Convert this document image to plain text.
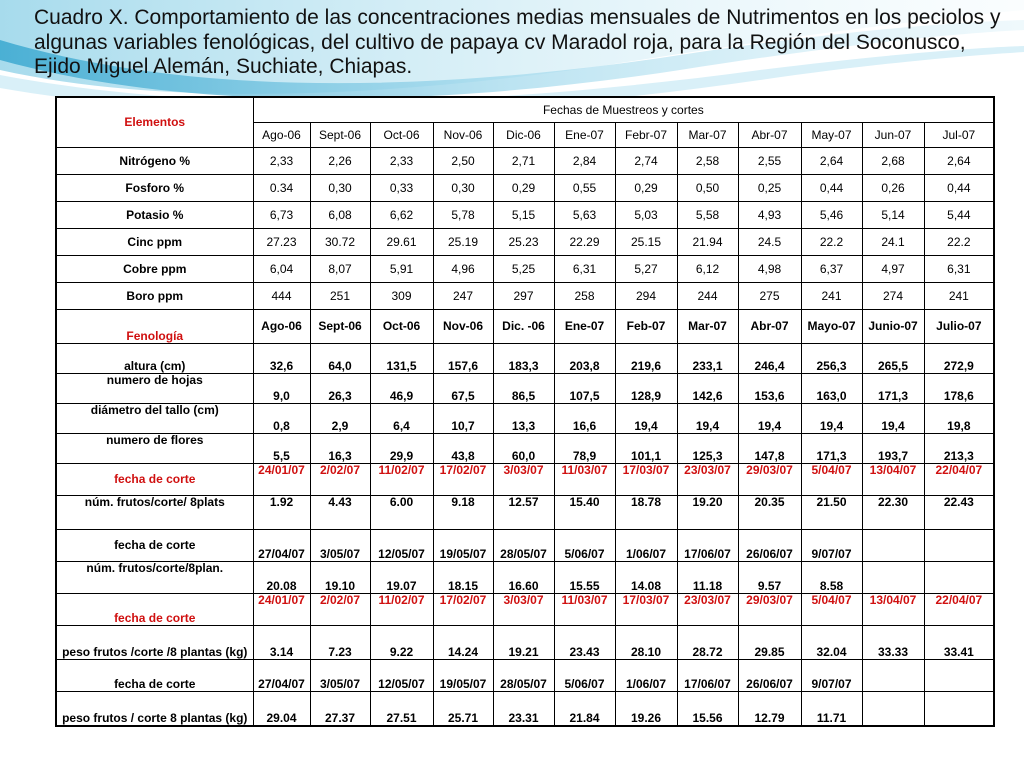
Cuadro X. Comportamiento de las concentraciones medias mensuales de Nutrimentos en los peciolos y algunas variables fenológicas, del cultivo de papaya cv Maradol roja, para la Región del Soconusco, Ejido Miguel Alemán, Suchiate, Chiapas.
Elementos	Fechas de Muestreos y cortes											
	Ago-06	Sept-06	Oct-06	Nov-06	Dic-06	Ene-07	Febr-07	Mar-07	Abr-07	May-07	Jun-07	Jul-07
Nitrógeno %	2,33	2,26	2,33	2,50	2,71	2,84	2,74	2,58	2,55	2,64	2,68	2,64
Fosforo %	0.34	0,30	0,33	0,30	0,29	0,55	0,29	0,50	0,25	0,44	0,26	0,44
Potasio %	6,73	6,08	6,62	5,78	5,15	5,63	5,03	5,58	4,93	5,46	5,14	5,44
Cinc ppm	27.23	30.72	29.61	25.19	25.23	22.29	25.15	21.94	24.5	22.2	24.1	22.2
Cobre ppm	6,04	8,07	5,91	4,96	5,25	6,31	5,27	6,12	4,98	6,37	4,97	6,31
Boro ppm	444	251	309	247	297	258	294	244	275	241	274	241
Fenología	Ago-06	Sept-06	Oct-06	Nov-06	Dic. -06	Ene-07	Feb-07	Mar-07	Abr-07	Mayo-07	Junio-07	Julio-07
altura (cm)	32,6	64,0	131,5	157,6	183,3	203,8	219,6	233,1	246,4	256,3	265,5	272,9
numero de hojas	9,0	26,3	46,9	67,5	86,5	107,5	128,9	142,6	153,6	163,0	171,3	178,6
diámetro del tallo (cm)	0,8	2,9	6,4	10,7	13,3	16,6	19,4	19,4	19,4	19,4	19,4	19,8
numero de flores	5,5	16,3	29,9	43,8	60,0	78,9	101,1	125,3	147,8	171,3	193,7	213,3
fecha de corte	24/01/07	2/02/07	11/02/07	17/02/07	3/03/07	11/03/07	17/03/07	23/03/07	29/03/07	5/04/07	13/04/07	22/04/07
núm. frutos/corte/ 8plats	1.92	4.43	6.00	9.18	12.57	15.40	18.78	19.20	20.35	21.50	22.30	22.43
fecha de corte	27/04/07	3/05/07	12/05/07	19/05/07	28/05/07	5/06/07	1/06/07	17/06/07	26/06/07	9/07/07		
núm. frutos/corte/8plan.	20.08	19.10	19.07	18.15	16.60	15.55	14.08	11.18	9.57	8.58		
fecha de corte	24/01/07	2/02/07	11/02/07	17/02/07	3/03/07	11/03/07	17/03/07	23/03/07	29/03/07	5/04/07	13/04/07	22/04/07
peso frutos /corte /8 plantas (kg)	3.14	7.23	9.22	14.24	19.21	23.43	28.10	28.72	29.85	32.04	33.33	33.41
fecha de corte	27/04/07	3/05/07	12/05/07	19/05/07	28/05/07	5/06/07	1/06/07	17/06/07	26/06/07	9/07/07		
peso frutos / corte 8 plantas (kg)	29.04	27.37	27.51	25.71	23.31	21.84	19.26	15.56	12.79	11.71		
